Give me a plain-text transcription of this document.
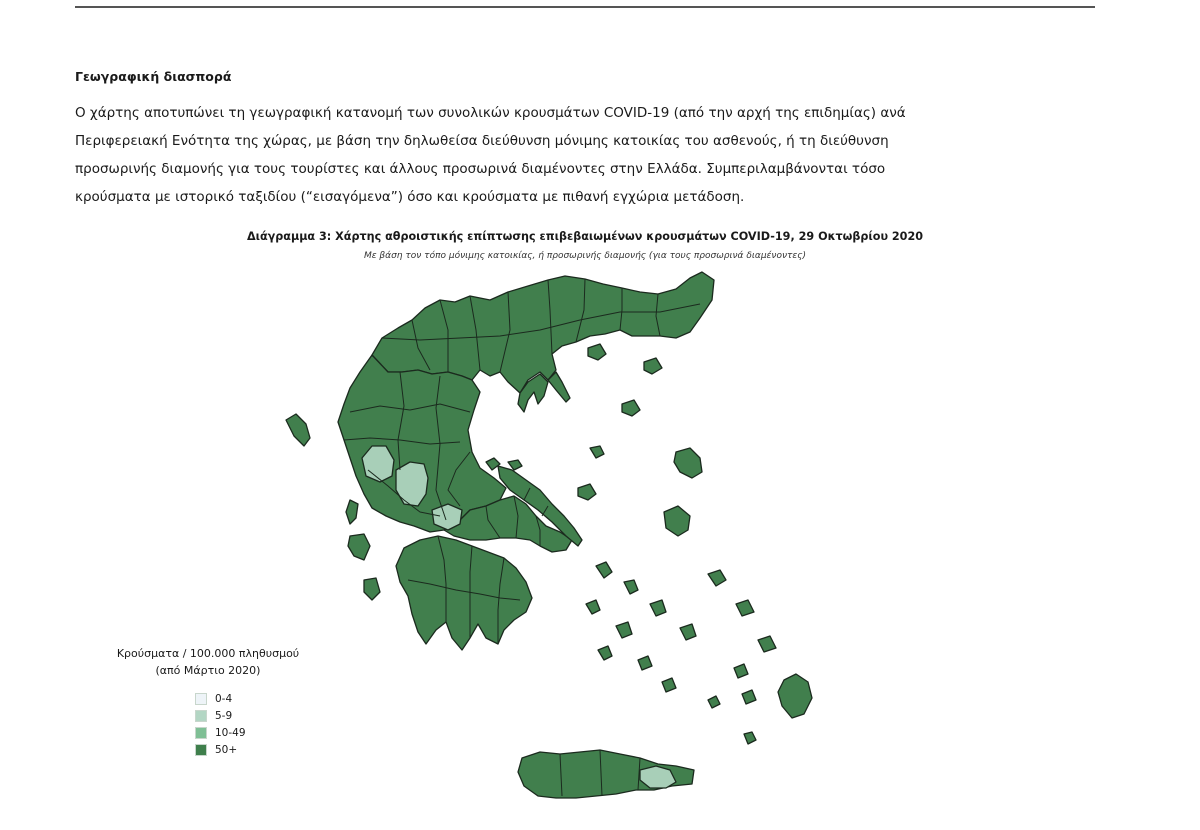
Γεωγραφική διασπορά
Ο χάρτης αποτυπώνει τη γεωγραφική κατανομή των συνολικών κρουσμάτων COVID-19 (από την αρχή της επιδημίας) ανά
Περιφερειακή Ενότητα της χώρας, με βάση την δηλωθείσα διεύθυνση μόνιμης κατοικίας του ασθενούς, ή τη διεύθυνση
προσωρινής διαμονής για τους τουρίστες και άλλους προσωρινά διαμένοντες στην Ελλάδα. Συμπεριλαμβάνονται τόσο
κρούσματα με ιστορικό ταξιδίου (“εισαγόμενα”) όσο και κρούσματα με πιθανή εγχώρια μετάδοση.
Διάγραμμα 3: Χάρτης αθροιστικής επίπτωσης επιβεβαιωμένων κρουσμάτων COVID-19, 29 Οκτωβρίου 2020
Με βάση τον τόπο μόνιμης κατοικίας, ή προσωρινής διαμονής (για τους προσωρινά διαμένοντες)
Κρούσματα / 100.000 πληθυσμού
(από Μάρτιο 2020)
0-4
5-9
10-49
50+
